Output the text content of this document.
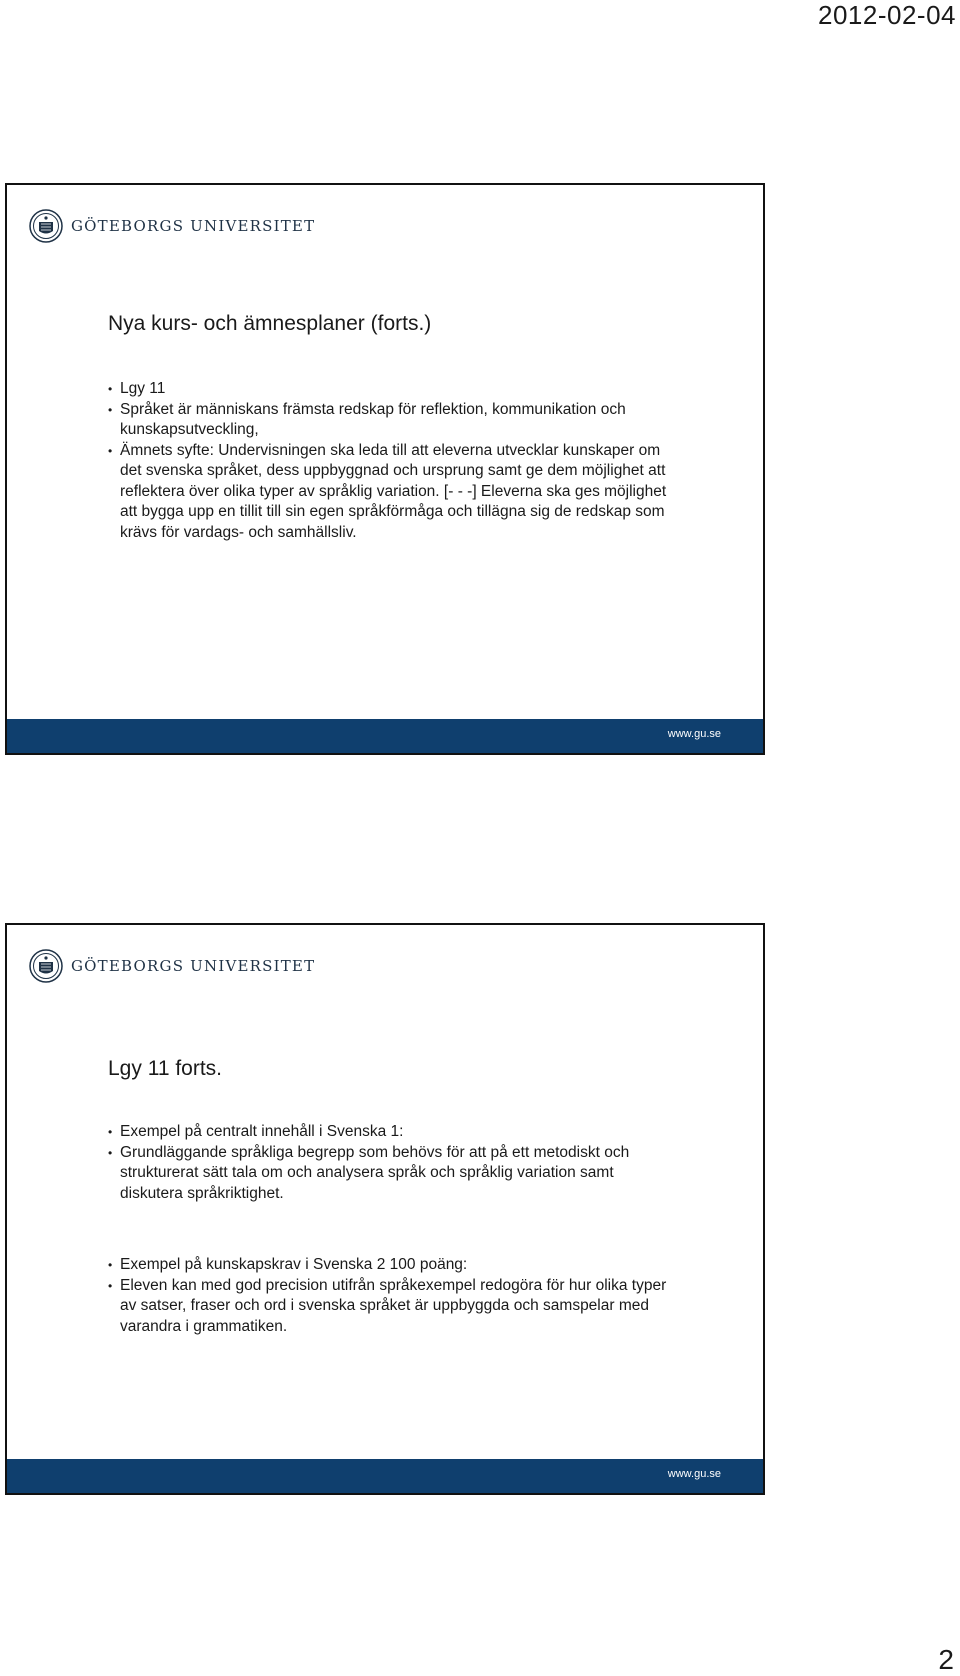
2012-02-04
GÖTEBORGS UNIVERSITET
Nya kurs- och ämnesplaner (forts.)
• Lgy 11
• Språket är människans främsta redskap för reflektion, kommunikation och kunskapsutveckling,
• Ämnets syfte: Undervisningen ska leda till att eleverna utvecklar kunskaper om det svenska språket, dess uppbyggnad och ursprung samt ge dem möjlighet att reflektera över olika typer av språklig variation. [- - -] Eleverna ska ges möjlighet att bygga upp en tillit till sin egen språkförmåga och tillägna sig de redskap som krävs för vardags- och samhällsliv.
www.gu.se
GÖTEBORGS UNIVERSITET
Lgy 11 forts.
• Exempel på centralt innehåll i Svenska 1:
• Grundläggande språkliga begrepp som behövs för att på ett metodiskt och strukturerat sätt tala om och analysera språk och språklig variation samt diskutera språkriktighet.
• Exempel på kunskapskrav i Svenska 2 100 poäng:
• Eleven kan med god precision utifrån språkexempel redogöra för hur olika typer av satser, fraser och ord i svenska språket är uppbyggda och samspelar med varandra i grammatiken.
www.gu.se
2
